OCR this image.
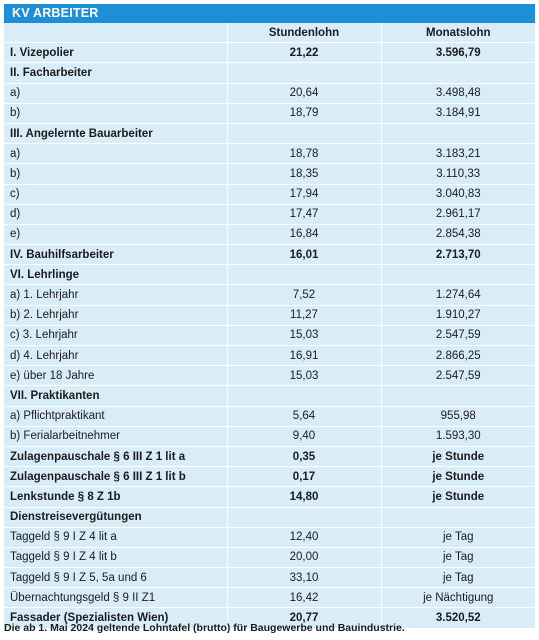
KV ARBEITER
	Stundenlohn	Monatslohn
I. Vizepolier	21,22	3.596,79
II. Facharbeiter		
a)	20,64	3.498,48
b)	18,79	3.184,91
III. Angelernte Bauarbeiter		
a)	18,78	3.183,21
b)	18,35	3.110,33
c)	17,94	3.040,83
d)	17,47	2.961,17
e)	16,84	2.854,38
IV. Bauhilfsarbeiter	16,01	2.713,70
VI. Lehrlinge		
a) 1. Lehrjahr	7,52	1.274,64
b) 2. Lehrjahr	11,27	1.910,27
c) 3. Lehrjahr	15,03	2.547,59
d) 4. Lehrjahr	16,91	2.866,25
e) über 18 Jahre	15,03	2.547,59
VII. Praktikanten		
a) Pflichtpraktikant	5,64	955,98
b) Ferialarbeitnehmer	9,40	1.593,30
Zulagenpauschale § 6 III Z 1 lit a	0,35	je Stunde
Zulagenpauschale § 6 III Z 1 lit b	0,17	je Stunde
Lenkstunde § 8 Z 1b	14,80	je Stunde
Dienstreisevergütungen		
Taggeld § 9 I Z 4 lit a	12,40	je Tag
Taggeld § 9 I Z 4 lit b	20,00	je Tag
Taggeld § 9 I Z 5, 5a und 6	33,10	je Tag
Übernachtungsgeld § 9 II Z1	16,42	je Nächtigung
Fassader (Spezialisten Wien)	20,77	3.520,52
Die ab 1. Mai 2024 geltende Lohntafel (brutto) für Baugewerbe und Bauindustrie.
